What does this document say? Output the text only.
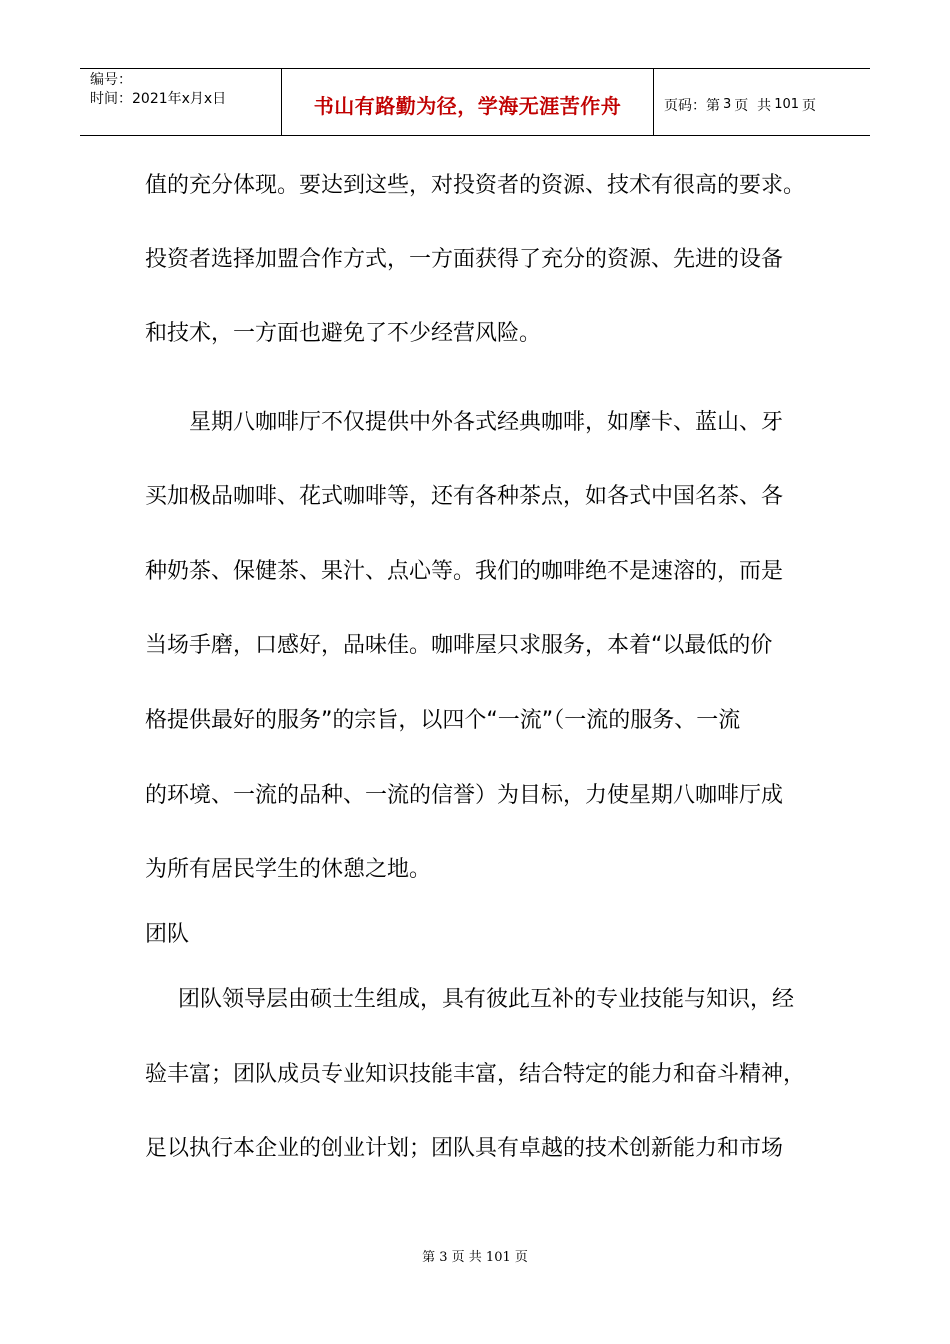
编号：
时间：2021年x月x日	书山有路勤为径，学海无涯苦作舟	页码：第 3 页  共 101 页
值的充分体现。要达到这些，对投资者的资源、技术有很高的要求。
投资者选择加盟合作方式，一方面获得了充分的资源、先进的设备
和技术，一方面也避免了不少经营风险。
星期八咖啡厅不仅提供中外各式经典咖啡，如摩卡、蓝山、牙
买加极品咖啡、花式咖啡等，还有各种茶点，如各式中国名茶、各
种奶茶、保健茶、果汁、点心等。我们的咖啡绝不是速溶的，而是
当场手磨，口感好，品味佳。咖啡屋只求服务，本着“以最低的价
格提供最好的服务”的宗旨，以四个“一流”（一流的服务、一流
的环境、一流的品种、一流的信誉）为目标，力使星期八咖啡厅成
为所有居民学生的休憩之地。
团队
团队领导层由硕士生组成，具有彼此互补的专业技能与知识，经
验丰富；团队成员专业知识技能丰富，结合特定的能力和奋斗精神，
足以执行本企业的创业计划；团队具有卓越的技术创新能力和市场
第 3 页 共 101 页
